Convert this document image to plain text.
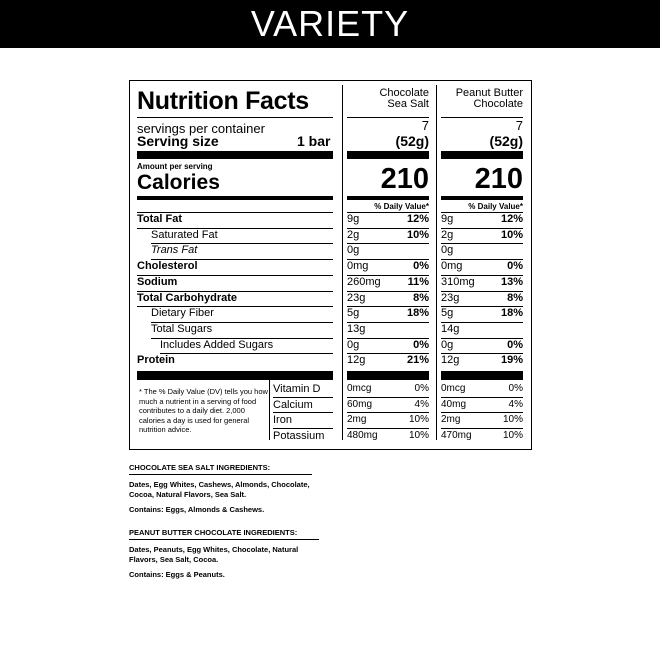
VARIETY
Nutrition Facts
servings per container
Serving size	1 bar
Amount per serving
Calories
Chocolate
Sea Salt
7
(52g)
210
% Daily Value*
Peanut Butter
Chocolate
7
(52g)
210
% Daily Value*
Total Fat	9g	12% 9g	12%
Saturated Fat	2g	10% 2g	10%
Trans Fat	0g	0g
Cholesterol	0mg	0% 0mg	0%
Sodium	260mg	11% 310mg	13%
Total Carbohydrate	23g	8% 23g	8%
Dietary Fiber	5g	18% 5g	18%
Total Sugars	13g	14g
Includes Added Sugars	0g	0% 0g	0%
Protein	12g	21% 12g	19%
* The % Daily Value (DV) tells you how much a nutrient in a serving of food contributes to a daily diet. 2,000 calories a day is used for general nutrition advice.
Vitamin D	0mcg	0% 0mcg	0%
Calcium	60mg	4% 40mg	4%
Iron	2mg	10% 2mg	10%
Potassium 480mg	10% 470mg	10%
CHOCOLATE SEA SALT INGREDIENTS:
Dates, Egg Whites, Cashews, Almonds, Chocolate, Cocoa, Natural Flavors, Sea Salt.
Contains: Eggs, Almonds & Cashews.
PEANUT BUTTER CHOCOLATE INGREDIENTS:
Dates, Peanuts, Egg Whites, Chocolate, Natural Flavors, Sea Salt, Cocoa.
Contains: Eggs & Peanuts.
